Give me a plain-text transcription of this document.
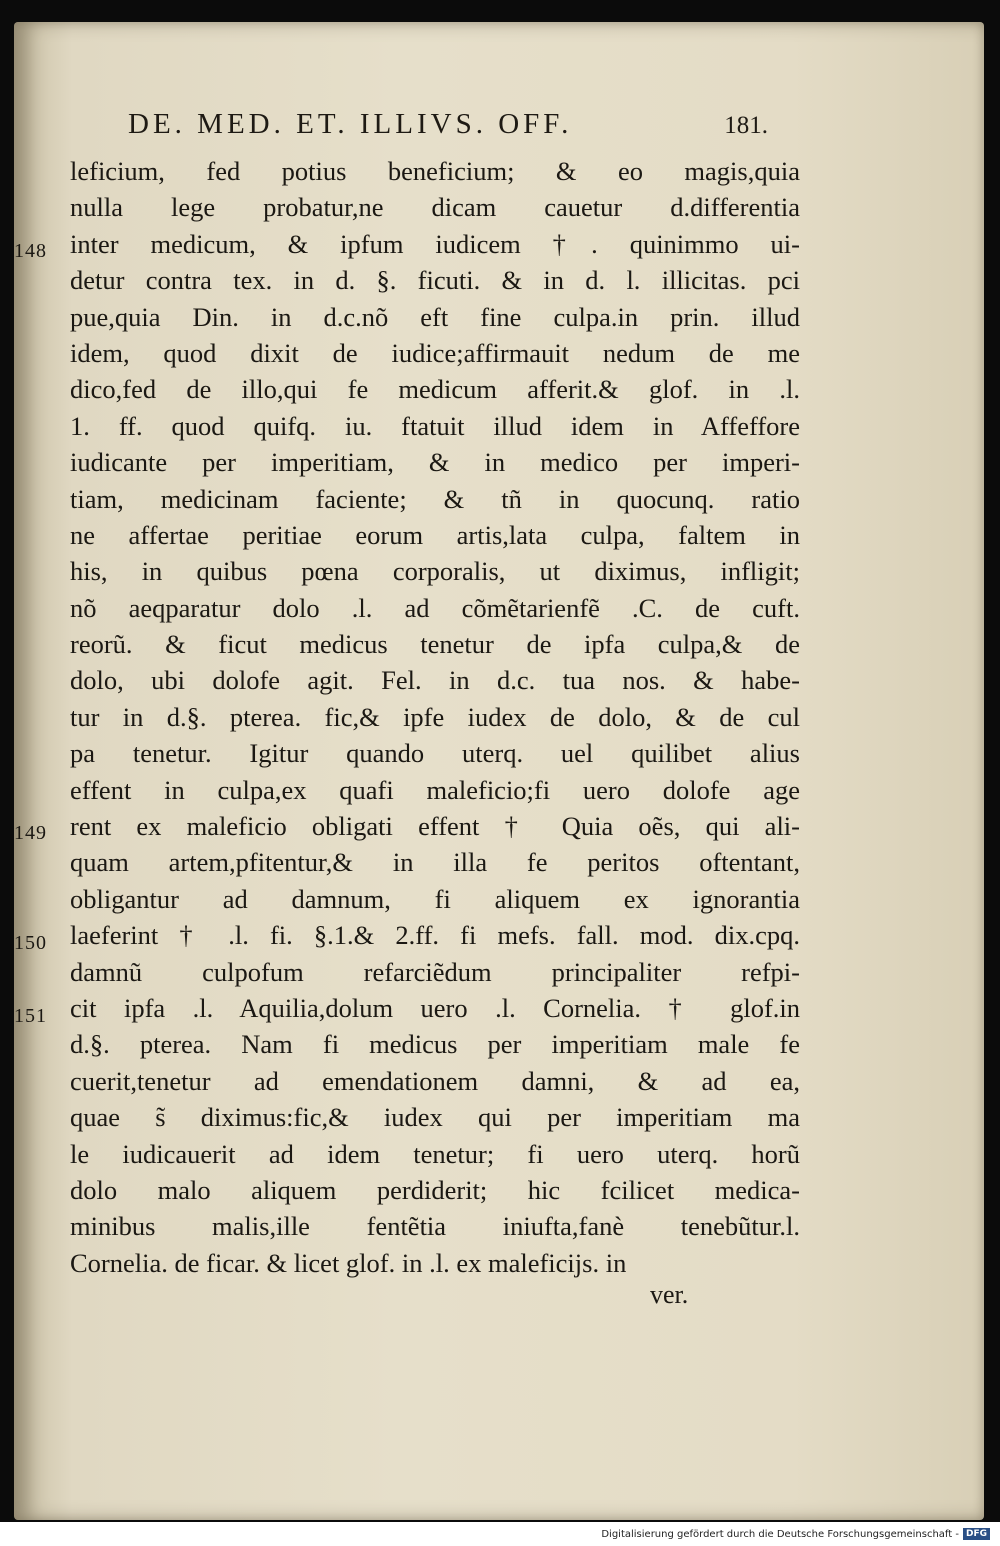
DE. MED. ET. ILLIVS. OFF.	181.
148
149
150
151
leficium, fed potius beneficium; & eo magis,quia
nulla lege probatur,ne dicam cauetur d.differentia
inter medicum, & ipfum iudicem †. quinimmo ui-
detur contra tex. in d. §. ficuti. & in d. l. illicitas. pci
pue,quia Din. in d.c.nõ eft fine culpa.in prin. illud
idem, quod dixit de iudice;affirmauit nedum de me
dico,fed de illo,qui fe medicum afferit.& glof. in .l.
1. ff. quod quifq. iu. ftatuit illud idem in Affeffore
iudicante per imperitiam, & in medico per imperi-
tiam, medicinam faciente; & tñ in quocunq. ratio
ne affertae peritiae eorum artis,lata culpa, faltem in
his, in quibus pœna corporalis, ut diximus, infligit;
nõ aeqparatur dolo .l. ad cõmẽtarienfẽ .C. de cuft.
reorũ. & ficut medicus tenetur de ipfa culpa,& de
dolo, ubi dolofe agit. Fel. in d.c. tua nos. & habe-
tur in d.§. pterea. fic,& ipfe iudex de dolo, & de cul
pa tenetur. Igitur quando uterq. uel quilibet alius
effent in culpa,ex quafi maleficio;fi uero dolofe age
rent ex maleficio obligati effent † Quia oẽs, qui ali-
quam artem,pfitentur,& in illa fe peritos oftentant,
obligantur ad damnum, fi aliquem ex ignorantia
laeferint † .l. fi. §.1.& 2.ff. fi mefs. fall. mod. dix.cpq.
damnũ culpofum refarciẽdum principaliter refpi-
cit ipfa .l. Aquilia,dolum uero .l. Cornelia. † glof.in
d.§. pterea. Nam fi medicus per imperitiam male fe
cuerit,tenetur ad emendationem damni, & ad ea,
quae s̃ diximus:fic,& iudex qui per imperitiam ma
le iudicauerit ad idem tenetur; fi uero uterq. horũ
dolo malo aliquem perdiderit; hic fcilicet medica-
minibus malis,ille fentẽtia iniufta,fanè tenebũtur.l.
Cornelia. de ficar. & licet glof. in .l. ex maleficijs. in
ver.
Digitalisierung gefördert durch die Deutsche Forschungsgemeinschaft - DFG
